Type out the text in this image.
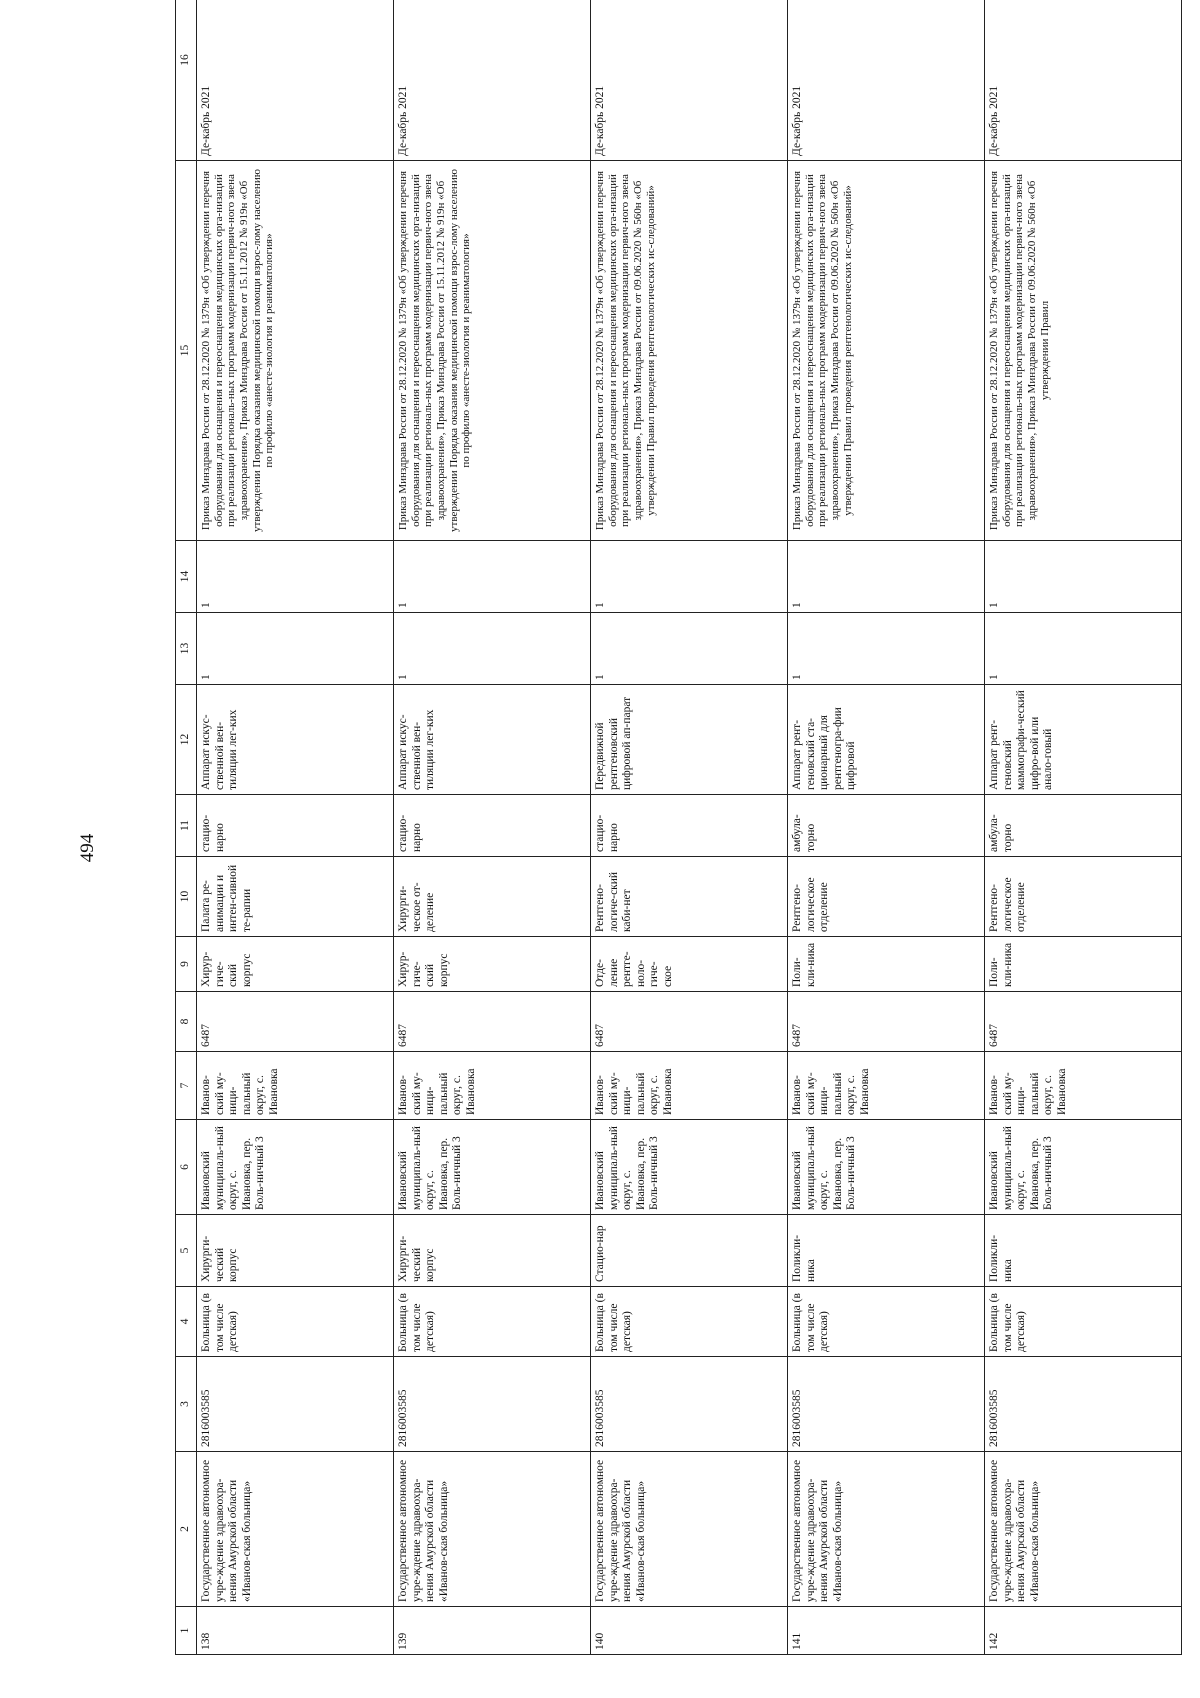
494
1	2	3	4	5	6	7	8	9	10	11	12	13	14	15	16
138	Государственное автономное учре-ждение здравоохра-нения Амурской области «Иванов-ская больница»	2816003585	Больница (в том числе детская)	Хирурги-ческий корпус	Ивановский муниципаль-ный округ, с. Ивановка, пер. Боль-ничный 3	Иванов-ский му-ници-пальный округ, с. Ивановка	6487	Хирур-гиче-ский корпус	Палата ре-анимации и интен-сивной те-рапии	стацио-нарно	Аппарат искус-ственной вен-тиляции лег-ких	1	1	Приказ Минздрава России от 28.12.2020 № 1379н «Об утверждении перечня оборудования для оснащения и переоснащения медицинских орга-низаций при реализации региональ-ных программ модернизации первич-ного звена здравоохранения», Приказ Минздрава России от 15.11.2012 № 919н «Об утверждении Порядка оказания медицинской помощи взрос-лому населению по профилю «анесте-зиология и реаниматология»	Де-кабрь 2021
139	Государственное автономное учре-ждение здравоохра-нения Амурской области «Иванов-ская больница»	2816003585	Больница (в том числе детская)	Хирурги-ческий корпус	Ивановский муниципаль-ный округ, с. Ивановка, пер. Боль-ничный 3	Иванов-ский му-ници-пальный округ, с. Ивановка	6487	Хирур-гиче-ский корпус	Хирурги-ческое от-деление	стацио-нарно	Аппарат искус-ственной вен-тиляции лег-ких	1	1	Приказ Минздрава России от 28.12.2020 № 1379н «Об утверждении перечня оборудования для оснащения и переоснащения медицинских орга-низаций при реализации региональ-ных программ модернизации первич-ного звена здравоохранения», Приказ Минздрава России от 15.11.2012 № 919н «Об утверждении Порядка оказания медицинской помощи взрос-лому населению по профилю «анесте-зиология и реаниматология»	Де-кабрь 2021
140	Государственное автономное учре-ждение здравоохра-нения Амурской области «Иванов-ская больница»	2816003585	Больница (в том числе детская)	Стацио-нар	Ивановский муниципаль-ный округ, с. Ивановка, пер. Боль-ничный 3	Иванов-ский му-ници-пальный округ, с. Ивановка	6487	Отде-ление рентге-ноло-гиче-ское	Рентгено-логиче-ский каби-нет	стацио-нарно	Передвижной рентгеновский цифровой ап-парат	1	1	Приказ Минздрава России от 28.12.2020 № 1379н «Об утверждении перечня оборудования для оснащения и переоснащения медицинских орга-низаций при реализации региональ-ных программ модернизации первич-ного звена здравоохранения», Приказ Минздрава России от 09.06.2020 № 560н «Об утверждении Правил проведения рентгенологических ис-следований»	Де-кабрь 2021
141	Государственное автономное учре-ждение здравоохра-нения Амурской области «Иванов-ская больница»	2816003585	Больница (в том числе детская)	Поликли-ника	Ивановский муниципаль-ный округ, с. Ивановка, пер. Боль-ничный 3	Иванов-ский му-ници-пальный округ, с. Ивановка	6487	Поли-кли-ника	Рентгено-логическое отделение	амбула-торно	Аппарат рент-геновский ста-ционарный для рентгеногра-фии цифровой	1	1	Приказ Минздрава России от 28.12.2020 № 1379н «Об утверждении перечня оборудования для оснащения и переоснащения медицинских орга-низаций при реализации региональ-ных программ модернизации первич-ного звена здравоохранения», Приказ Минздрава России от 09.06.2020 № 560н «Об утверждении Правил проведения рентгенологических ис-следований»	Де-кабрь 2021
142	Государственное автономное учре-ждение здравоохра-нения Амурской области «Иванов-ская больница»	2816003585	Больница (в том числе детская)	Поликли-ника	Ивановский муниципаль-ный округ, с. Ивановка, пер. Боль-ничный 3	Иванов-ский му-ници-пальный округ, с. Ивановка	6487	Поли-кли-ника	Рентгено-логическое отделение	амбула-торно	Аппарат рент-геновский маммографи-ческий цифро-вой или анало-говый	1	1	Приказ Минздрава России от 28.12.2020 № 1379н «Об утверждении перечня оборудования для оснащения и переоснащения медицинских орга-низаций при реализации региональ-ных программ модернизации первич-ного звена здравоохранения», Приказ Минздрава России от 09.06.2020 № 560н «Об утверждении Правил	Де-кабрь 2021
